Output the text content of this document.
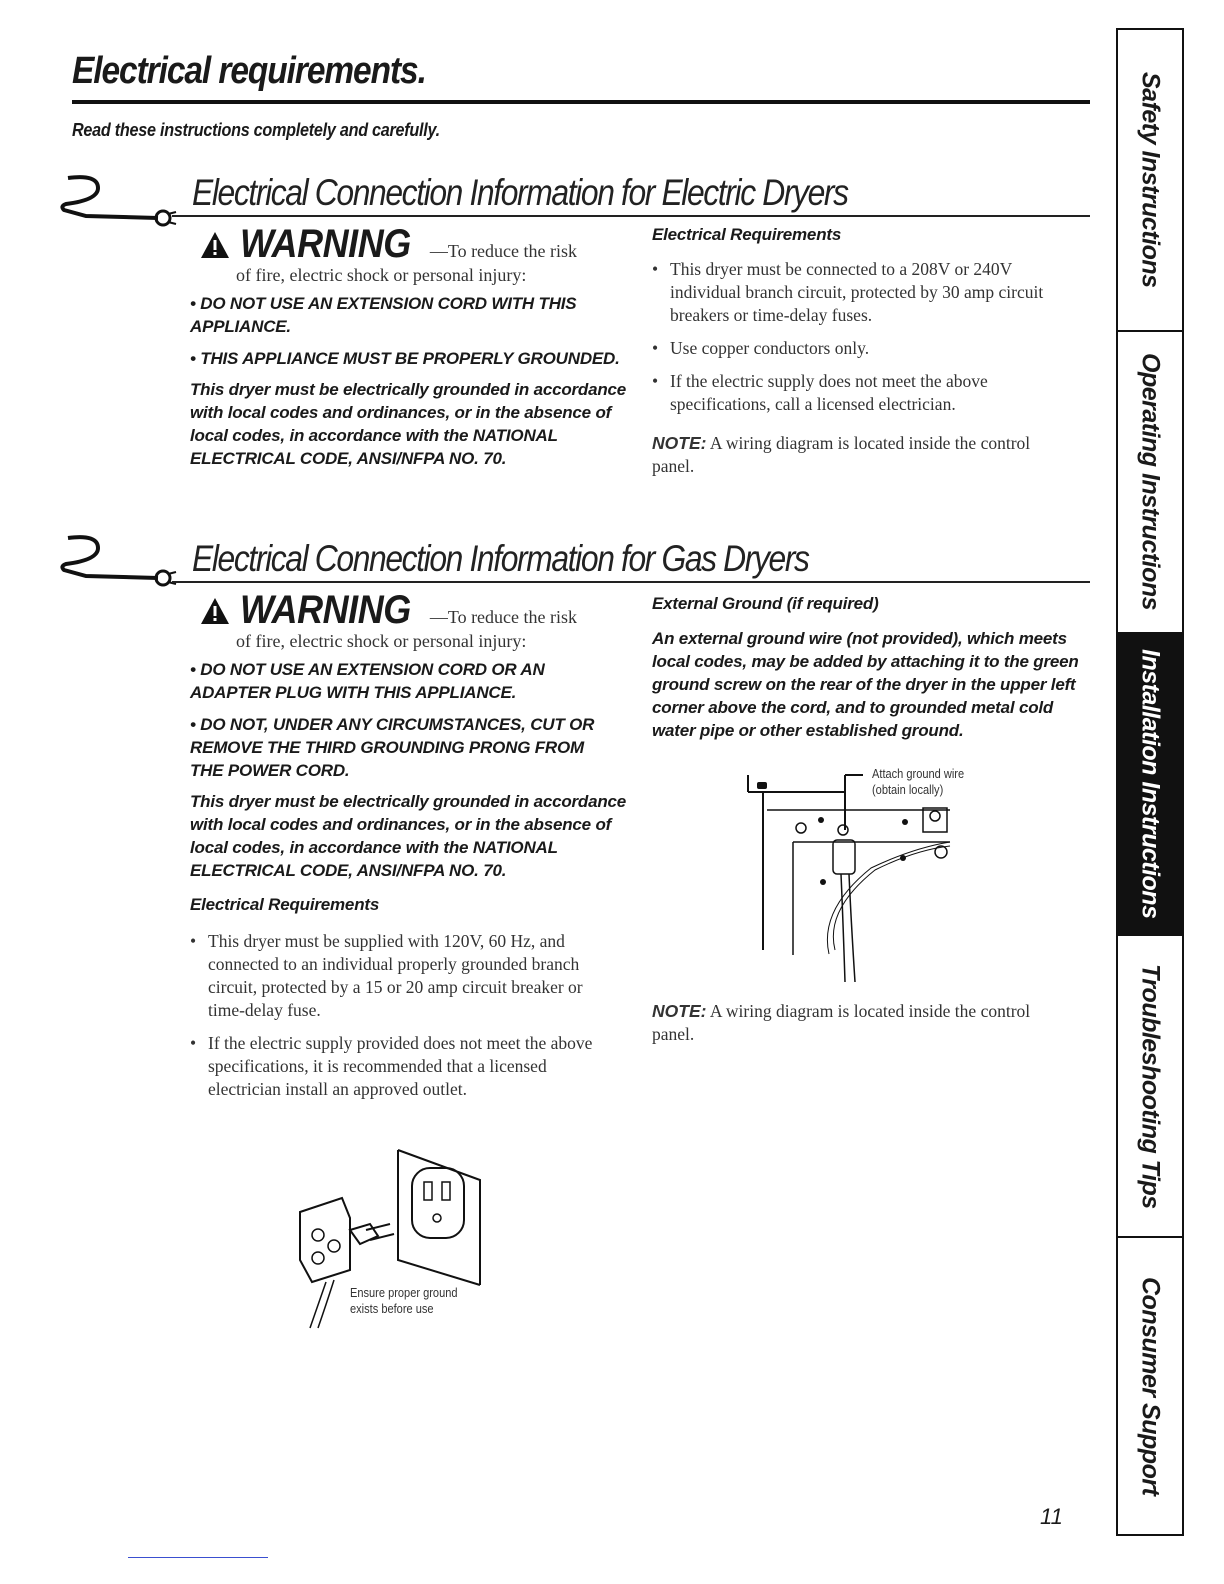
Electrical requirements.
Read these instructions completely and carefully.
Electrical Connection Information for Electric Dryers
WARNING —To reduce the risk
of fire, electric shock or personal injury:
• DO NOT USE AN EXTENSION CORD WITH THIS APPLIANCE.
• THIS APPLIANCE MUST BE PROPERLY GROUNDED.
This dryer must be electrically grounded in accordance with local codes and ordinances, or in the absence of local codes, in accordance with the NATIONAL ELECTRICAL CODE, ANSI/NFPA NO. 70.
Electrical Requirements
• This dryer must be connected to a 208V or 240V individual branch circuit, protected by 30 amp circuit breakers or time-delay fuses.
• Use copper conductors only.
• If the electric supply does not meet the above specifications, call a licensed electrician.
NOTE: A wiring diagram is located inside the control panel.
Electrical Connection Information for Gas Dryers
WARNING —To reduce the risk
of fire, electric shock or personal injury:
• DO NOT USE AN EXTENSION CORD OR AN ADAPTER PLUG WITH THIS APPLIANCE.
• DO NOT, UNDER ANY CIRCUMSTANCES, CUT OR REMOVE THE THIRD GROUNDING PRONG FROM THE POWER CORD.
This dryer must be electrically grounded in accordance with local codes and ordinances, or in the absence of local codes, in accordance with the NATIONAL ELECTRICAL CODE, ANSI/NFPA NO. 70.
Electrical Requirements
• This dryer must be supplied with 120V, 60 Hz, and connected to an individual properly grounded branch circuit, protected by a 15 or 20 amp circuit breaker or time-delay fuse.
• If the electric supply provided does not meet the above specifications, it is recommended that a licensed electrician install an approved outlet.
Ensure proper ground
exists before use
External Ground (if required)
An external ground wire (not provided), which meets local codes, may be added by attaching it to the green ground screw on the rear of the dryer in the upper left corner above the cord, and to grounded metal cold water pipe or other established ground.
Attach ground wire
(obtain locally)
NOTE: A wiring diagram is located inside the control panel.
Safety Instructions
Operating Instructions
Installation Instructions
Troubleshooting Tips
Consumer Support
11
